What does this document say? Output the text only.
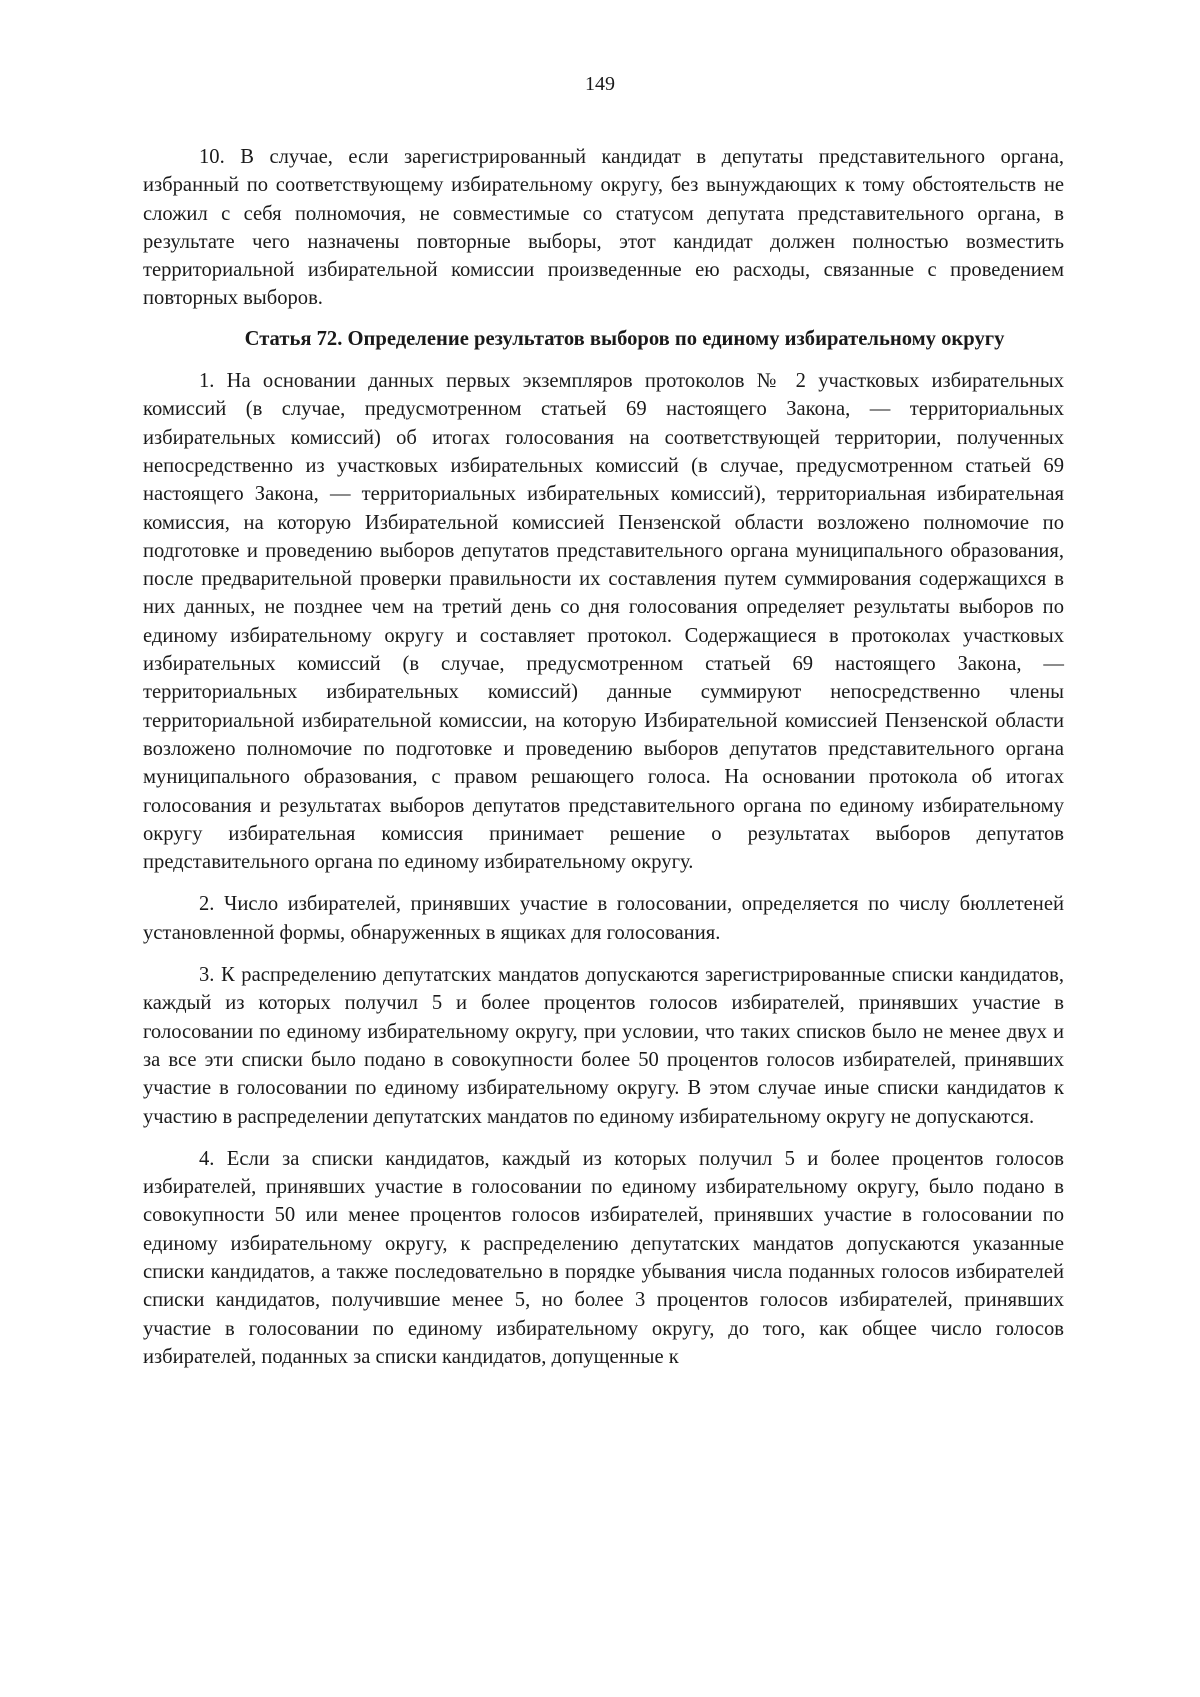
149

10. В случае, если зарегистрированный кандидат в депутаты представительного органа, избранный по соответствующему избирательному округу, без вынуждающих к тому обстоятельств не сложил с себя полномочия, не совместимые со статусом депутата представительного органа, в результате чего назначены повторные выборы, этот кандидат должен полностью возместить территориальной избирательной комиссии произведенные ею расходы, связанные с проведением повторных выборов.

Статья 72. Определение результатов выборов по единому избирательному округу

1. На основании данных первых экземпляров протоколов № 2 участковых избирательных комиссий (в случае, предусмотренном статьей 69 настоящего Закона, — территориальных избирательных комиссий) об итогах голосования на соответствующей территории, полученных непосредственно из участковых избирательных комиссий (в случае, предусмотренном статьей 69 настоящего Закона, — территориальных избирательных комиссий), территориальная избирательная комиссия, на которую Избирательной комиссией Пензенской области возложено полномочие по подготовке и проведению выборов депутатов представительного органа муниципального образования, после предварительной проверки правильности их составления путем суммирования содержащихся в них данных, не позднее чем на третий день со дня голосования определяет результаты выборов по единому избирательному округу и составляет протокол. Содержащиеся в протоколах участковых избирательных комиссий (в случае, предусмотренном статьей 69 настоящего Закона, — территориальных избирательных комиссий) данные суммируют непосредственно члены территориальной избирательной комиссии, на которую Избирательной комиссией Пензенской области возложено полномочие по подготовке и проведению выборов депутатов представительного органа муниципального образования, с правом решающего голоса. На основании протокола об итогах голосования и результатах выборов депутатов представительного органа по единому избирательному округу избирательная комиссия принимает решение о результатах выборов депутатов представительного органа по единому избирательному округу.

2. Число избирателей, принявших участие в голосовании, определяется по числу бюллетеней установленной формы, обнаруженных в ящиках для голосования.

3. К распределению депутатских мандатов допускаются зарегистрированные списки кандидатов, каждый из которых получил 5 и более процентов голосов избирателей, принявших участие в голосовании по единому избирательному округу, при условии, что таких списков было не менее двух и за все эти списки было подано в совокупности более 50 процентов голосов избирателей, принявших участие в голосовании по единому избирательному округу. В этом случае иные списки кандидатов к участию в распределении депутатских мандатов по единому избирательному округу не допускаются.

4. Если за списки кандидатов, каждый из которых получил 5 и более процентов голосов избирателей, принявших участие в голосовании по единому избирательному округу, было подано в совокупности 50 или менее процентов голосов избирателей, принявших участие в голосовании по единому избирательному округу, к распределению депутатских мандатов допускаются указанные списки кандидатов, а также последовательно в порядке убывания числа поданных голосов избирателей списки кандидатов, получившие менее 5, но более 3 процентов голосов избирателей, принявших участие в голосовании по единому избирательному округу, до того, как общее число голосов избирателей, поданных за списки кандидатов, допущенные к
